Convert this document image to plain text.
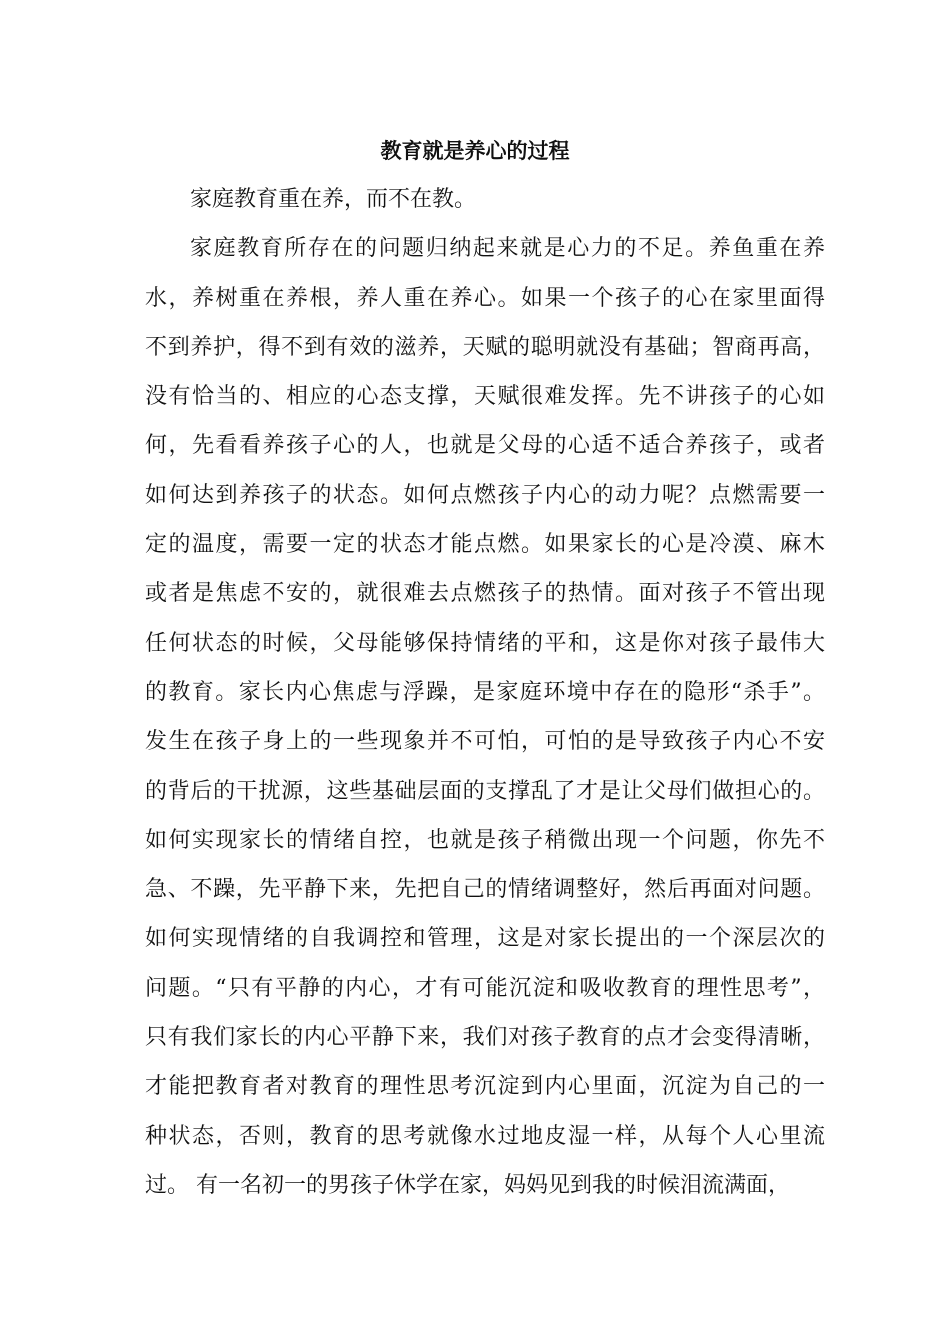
教育就是养心的过程
家庭教育重在养，而不在教。
家庭教育所存在的问题归纳起来就是心力的不足。养鱼重在养
水，养树重在养根，养人重在养心。如果一个孩子的心在家里面得
不到养护，得不到有效的滋养，天赋的聪明就没有基础；智商再高，
没有恰当的、相应的心态支撑，天赋很难发挥。先不讲孩子的心如
何，先看看养孩子心的人，也就是父母的心适不适合养孩子，或者
如何达到养孩子的状态。如何点燃孩子内心的动力呢？点燃需要一
定的温度，需要一定的状态才能点燃。如果家长的心是冷漠、麻木
或者是焦虑不安的，就很难去点燃孩子的热情。面对孩子不管出现
任何状态的时候，父母能够保持情绪的平和，这是你对孩子最伟大
的教育。家长内心焦虑与浮躁，是家庭环境中存在的隐形“杀手”。
发生在孩子身上的一些现象并不可怕，可怕的是导致孩子内心不安
的背后的干扰源，这些基础层面的支撑乱了才是让父母们做担心的。
如何实现家长的情绪自控，也就是孩子稍微出现一个问题，你先不
急、不躁，先平静下来，先把自己的情绪调整好，然后再面对问题。
如何实现情绪的自我调控和管理，这是对家长提出的一个深层次的
问题。“只有平静的内心，才有可能沉淀和吸收教育的理性思考”，
只有我们家长的内心平静下来，我们对孩子教育的点才会变得清晰，
才能把教育者对教育的理性思考沉淀到内心里面，沉淀为自己的一
种状态，否则，教育的思考就像水过地皮湿一样，从每个人心里流
过。 有一名初一的男孩子休学在家，妈妈见到我的时候泪流满面，
